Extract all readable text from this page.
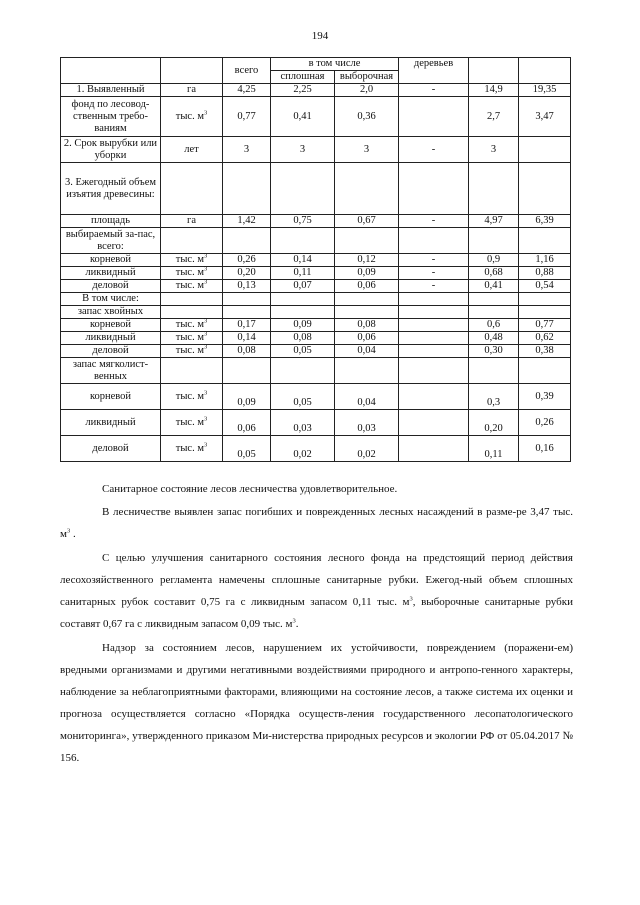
194
		всего	в том числе		деревьев		
			сплошная	выборочная			
1. Выявленный	га	4,25	2,25	2,0	-	14,9	19,35
фонд по лесовод-ственным требо-ваниям	тыс. $м^3$	0,77	0,41	0,36		2,7	3,47
2. Срок вырубки или уборки	лет	3	3	3	-	3	
3. Ежегодный объем изъятия древесины:							
площадь	га	1,42	0,75	0,67	-	4,97	6,39
выбираемый за-пас, всего:							
корневой	тыс. $м^3$	0,26	0,14	0,12	-	0,9	1,16
ликвидный	тыс. $м^3$	0,20	0,11	0,09	-	0,68	0,88
деловой	тыс. $м^3$	0,13	0,07	0,06	-	0,41	0,54
В том числе:							
запас хвойных							
корневой	тыс. $м^3$	0,17	0,09	0,08		0,6	0,77
ликвидный	тыс. $м^3$	0,14	0,08	0,06		0,48	0,62
деловой	тыс. $м^3$	0,08	0,05	0,04		0,30	0,38
запас мягколист-венных							
корневой	тыс. $м^3$	0,09	0,05	0,04		0,3	0,39
ликвидный	тыс. $м^3$	0,06	0,03	0,03		0,20	0,26
деловой	тыс. $м^3$	0,05	0,02	0,02		0,11	0,16
Санитарное состояние лесов лесничества удовлетворительное.
В лесничестве выявлен запас погибших и поврежденных лесных насаждений в разме-ре 3,47 тыс. $м^3$ .
С целью улучшения санитарного состояния лесного фонда на предстоящий период действия лесохозяйственного регламента намечены сплошные санитарные рубки. Ежегод-ный объем сплошных санитарных рубок составит 0,75 га с ликвидным запасом 0,11 тыс. $м^3$, выборочные санитарные рубки составят 0,67 га с ликвидным запасом 0,09 тыс. $м^3$.
Надзор за состоянием лесов, нарушением их устойчивости, повреждением (поражени-ем) вредными организмами и другими негативными воздействиями природного и антропо-генного характеры, наблюдение за неблагоприятными факторами, влияющими на состояние лесов, а также система их оценки и прогноза осуществляется согласно «Порядка осуществ-ления государственного лесопатологического мониторинга», утвержденного приказом Ми-нистерства природных ресурсов и экологии РФ от 05.04.2017 № 156.
